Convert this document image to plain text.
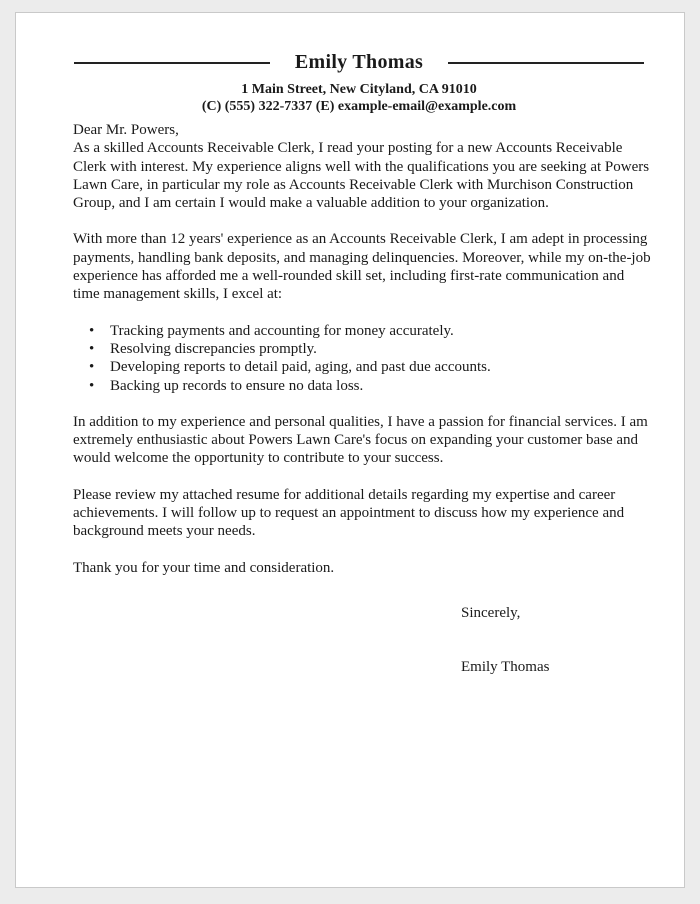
Emily Thomas
1 Main Street, New Cityland, CA 91010
(C) (555) 322-7337 (E) example-email@example.com

Dear Mr. Powers,

As a skilled Accounts Receivable Clerk, I read your posting for a new Accounts Receivable Clerk with interest. My experience aligns well with the qualifications you are seeking at Powers Lawn Care, in particular my role as Accounts Receivable Clerk with Murchison Construction Group, and I am certain I would make a valuable addition to your organization.

With more than 12 years' experience as an Accounts Receivable Clerk, I am adept in processing payments, handling bank deposits, and managing delinquencies. Moreover, while my on-the-job experience has afforded me a well-rounded skill set, including first-rate communication and time management skills, I excel at:

• Tracking payments and accounting for money accurately.
• Resolving discrepancies promptly.
• Developing reports to detail paid, aging, and past due accounts.
• Backing up records to ensure no data loss.

In addition to my experience and personal qualities, I have a passion for financial services. I am extremely enthusiastic about Powers Lawn Care's focus on expanding your customer base and would welcome the opportunity to contribute to your success.

Please review my attached resume for additional details regarding my expertise and career achievements. I will follow up to request an appointment to discuss how my experience and background meets your needs.

Thank you for your time and consideration.

Sincerely,
Emily Thomas
